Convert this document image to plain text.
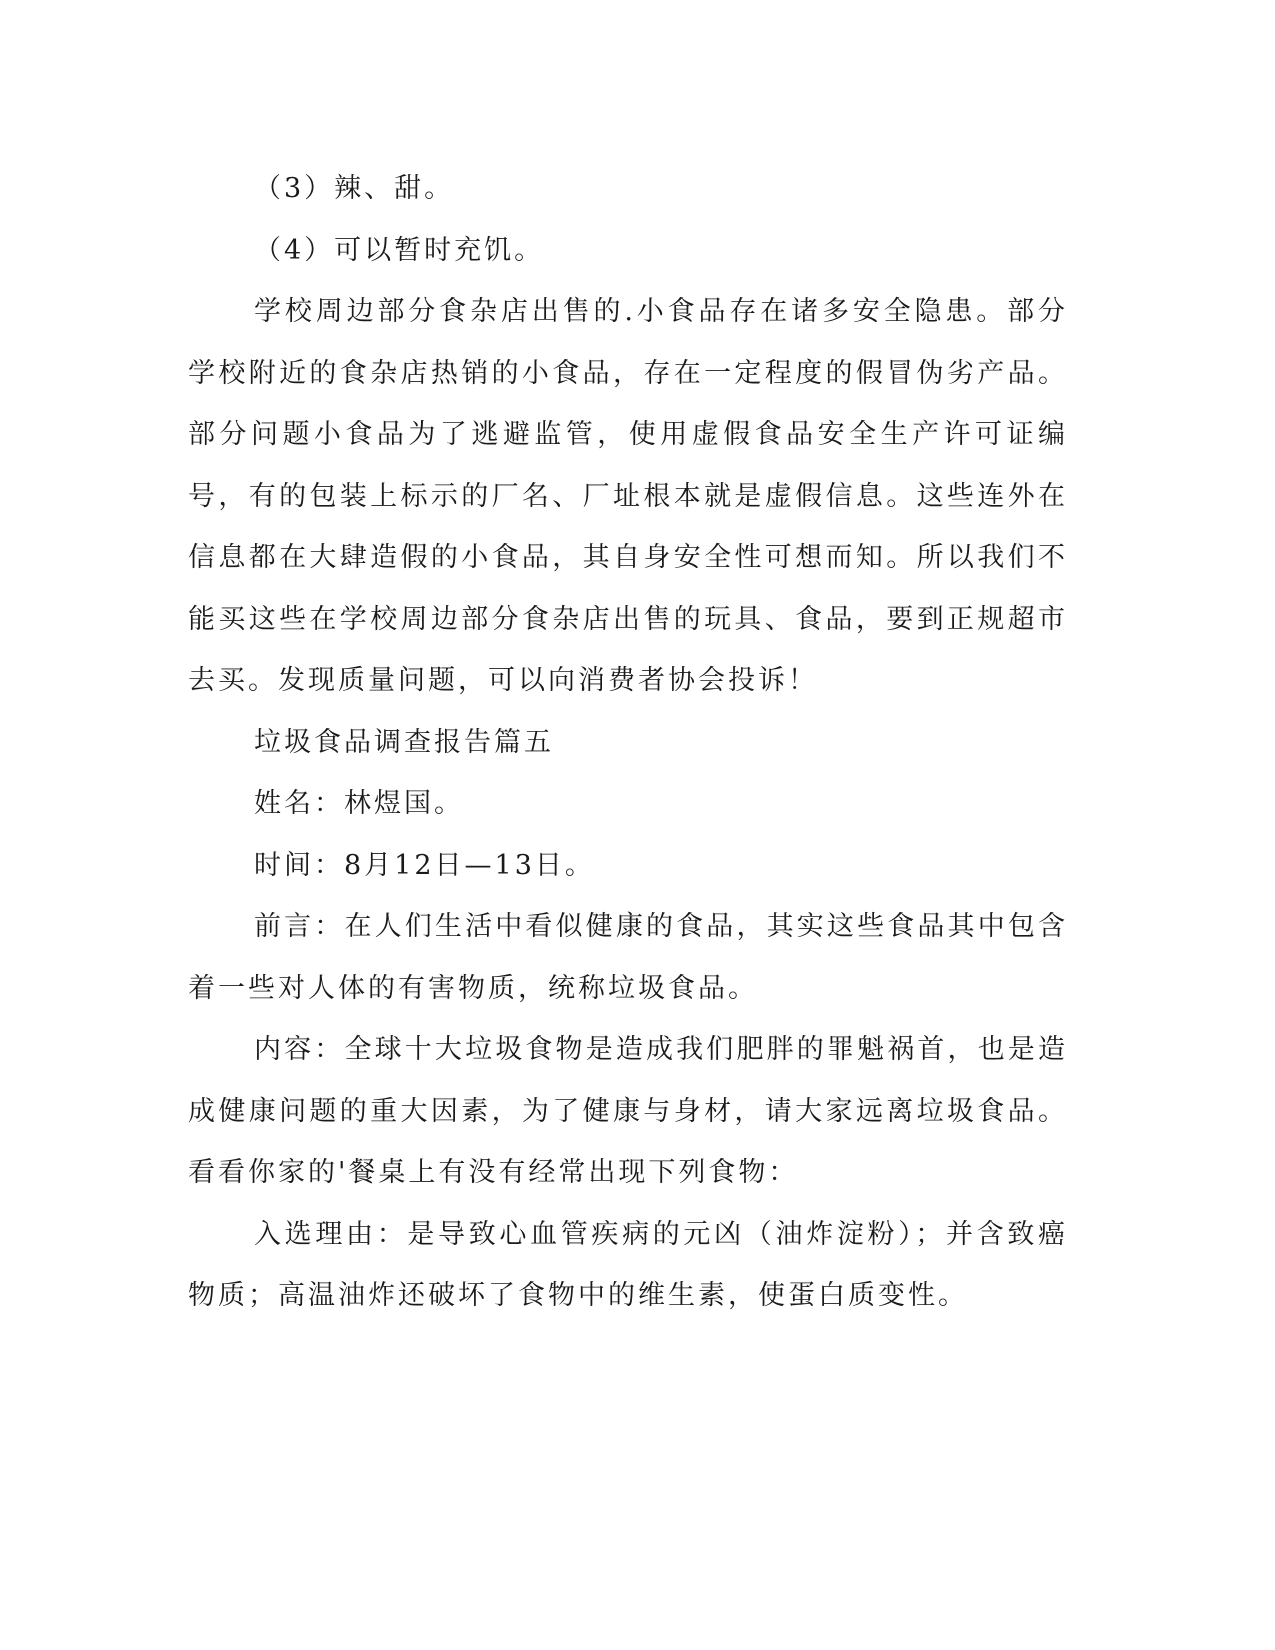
（3）辣、甜。

（4）可以暂时充饥。

学校周边部分食杂店出售的.小食品存在诸多安全隐患。部分学校附近的食杂店热销的小食品，存在一定程度的假冒伪劣产品。部分问题小食品为了逃避监管，使用虚假食品安全生产许可证编号，有的包装上标示的厂名、厂址根本就是虚假信息。这些连外在信息都在大肆造假的小食品，其自身安全性可想而知。所以我们不能买这些在学校周边部分食杂店出售的玩具、食品，要到正规超市去买。发现质量问题，可以向消费者协会投诉！

垃圾食品调查报告篇五

姓名：林煜国。

时间：8月12日—13日。

前言：在人们生活中看似健康的食品，其实这些食品其中包含着一些对人体的有害物质，统称垃圾食品。

内容：全球十大垃圾食物是造成我们肥胖的罪魁祸首，也是造成健康问题的重大因素，为了健康与身材，请大家远离垃圾食品。看看你家的'餐桌上有没有经常出现下列食物：

入选理由：是导致心血管疾病的元凶（油炸淀粉）；并含致癌物质；高温油炸还破坏了食物中的维生素，使蛋白质变性。
